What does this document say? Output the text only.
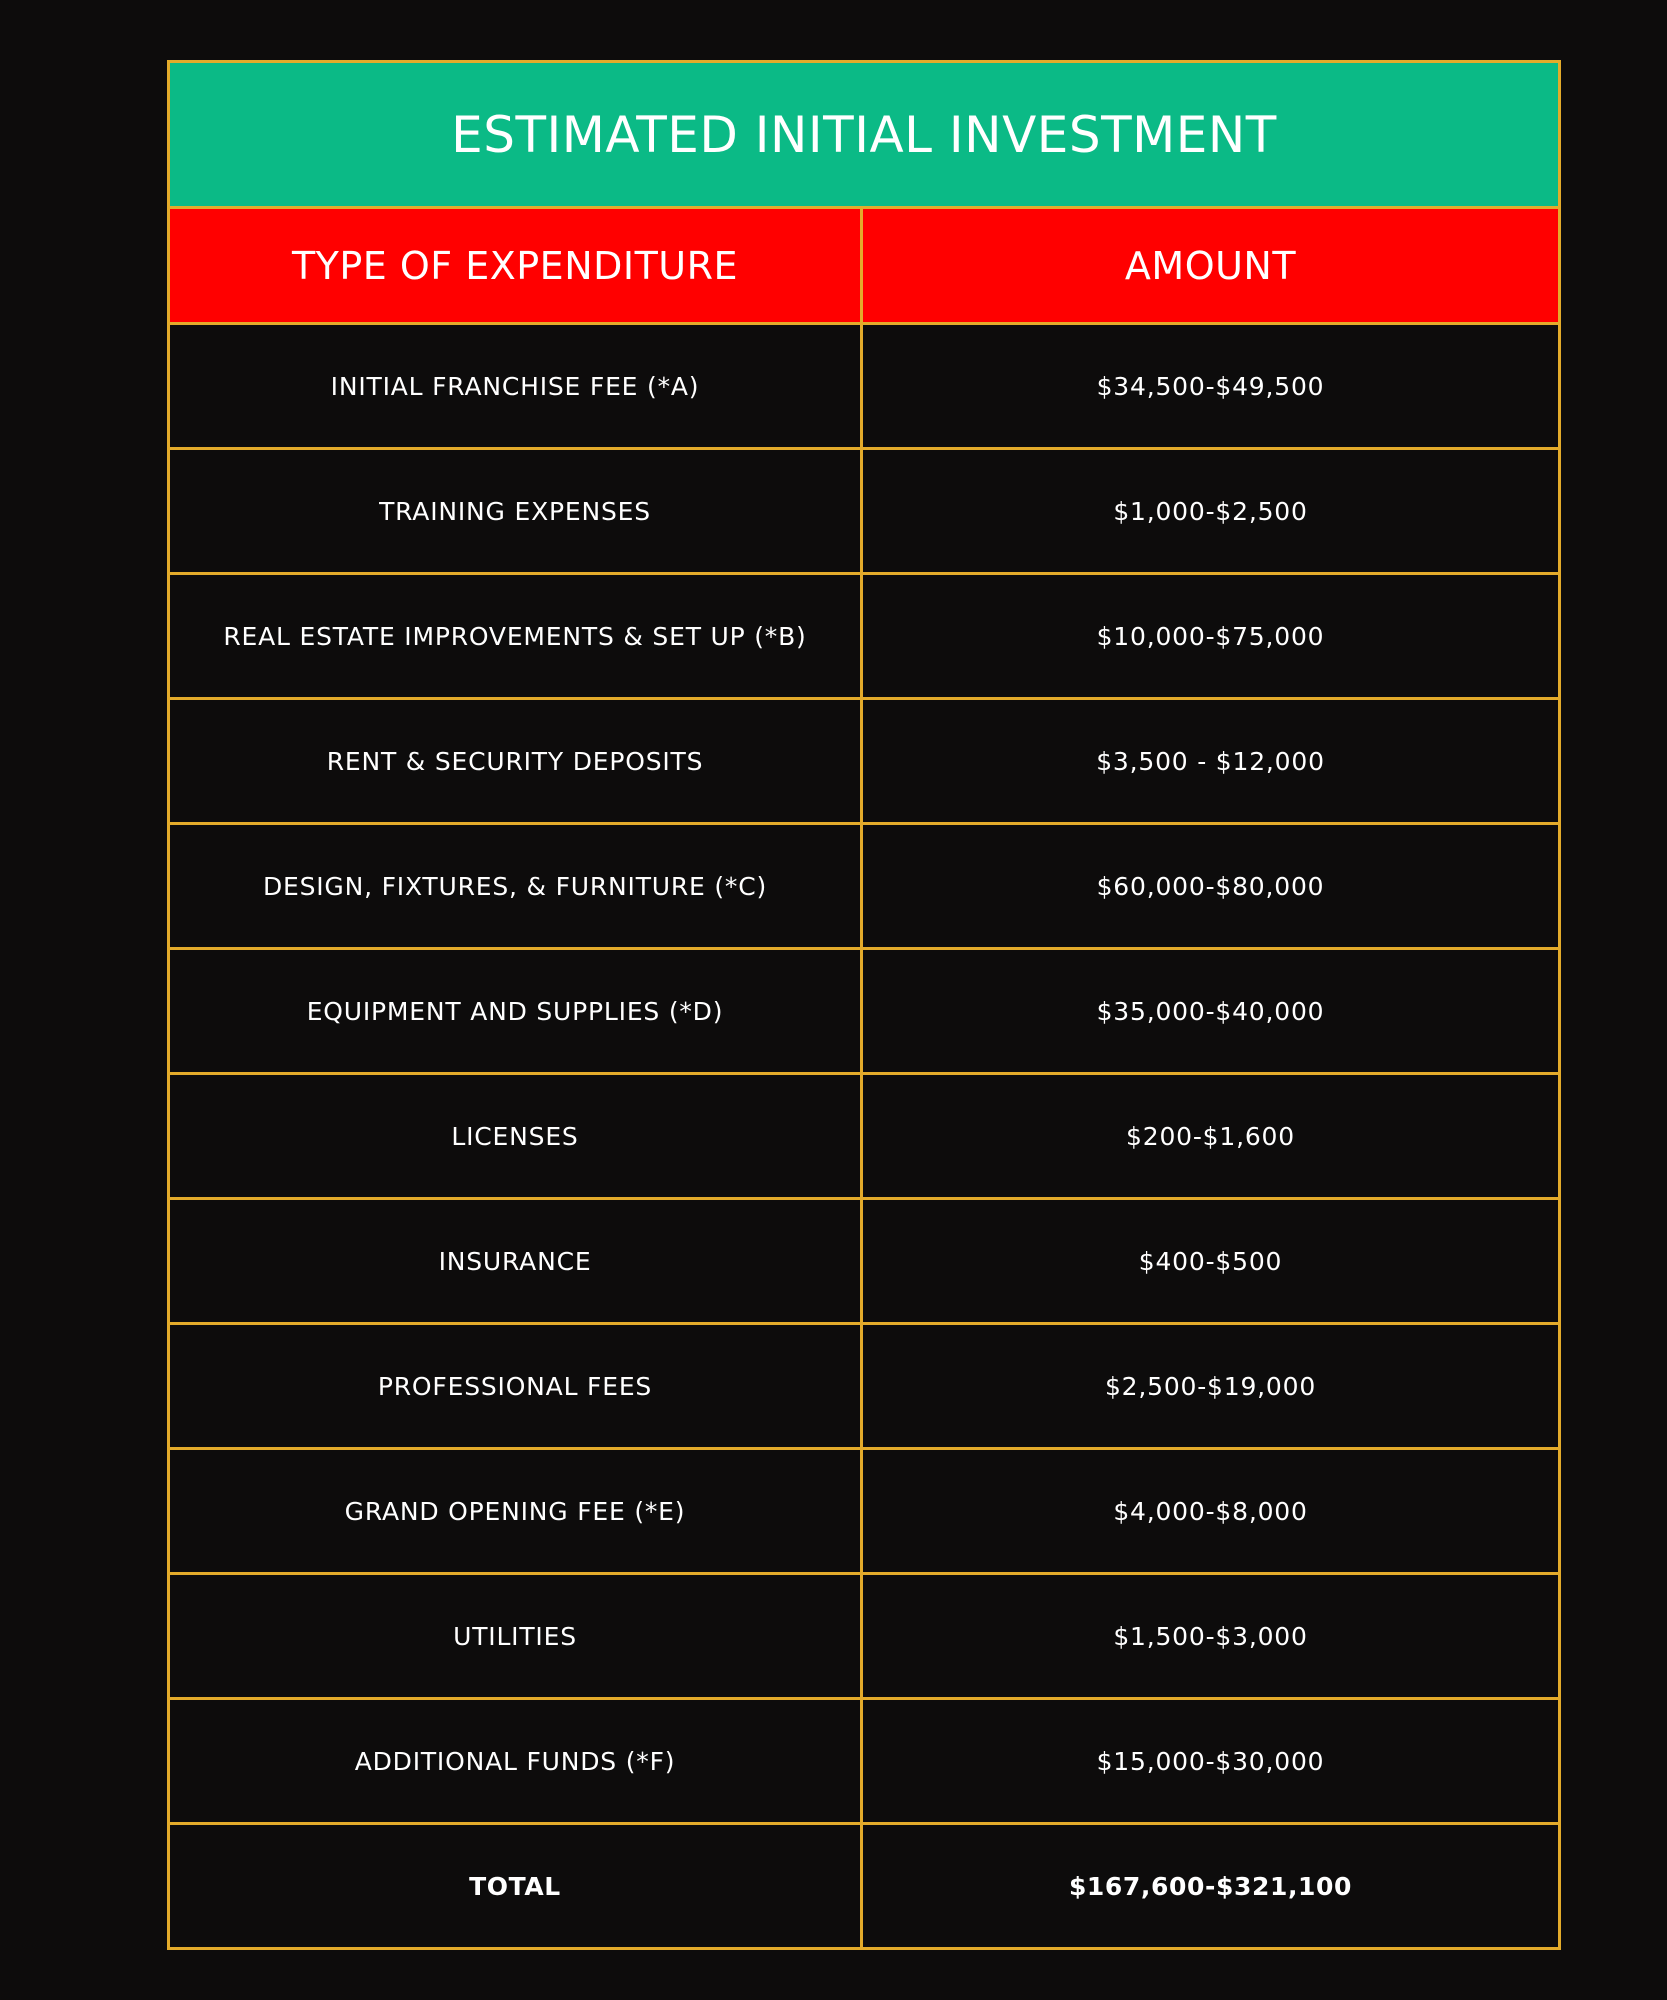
ESTIMATED INITIAL INVESTMENT
TYPE OF EXPENDITURE	AMOUNT
INITIAL FRANCHISE FEE (*A)	$34,500-$49,500
TRAINING EXPENSES	$1,000-$2,500
REAL ESTATE IMPROVEMENTS & SET UP (*B)	$10,000-$75,000
RENT & SECURITY DEPOSITS	$3,500 - $12,000
DESIGN, FIXTURES, & FURNITURE (*C)	$60,000-$80,000
EQUIPMENT AND SUPPLIES (*D)	$35,000-$40,000
LICENSES	$200-$1,600
INSURANCE	$400-$500
PROFESSIONAL FEES	$2,500-$19,000
GRAND OPENING FEE (*E)	$4,000-$8,000
UTILITIES	$1,500-$3,000
ADDITIONAL FUNDS (*F)	$15,000-$30,000
TOTAL	$167,600-$321,100
